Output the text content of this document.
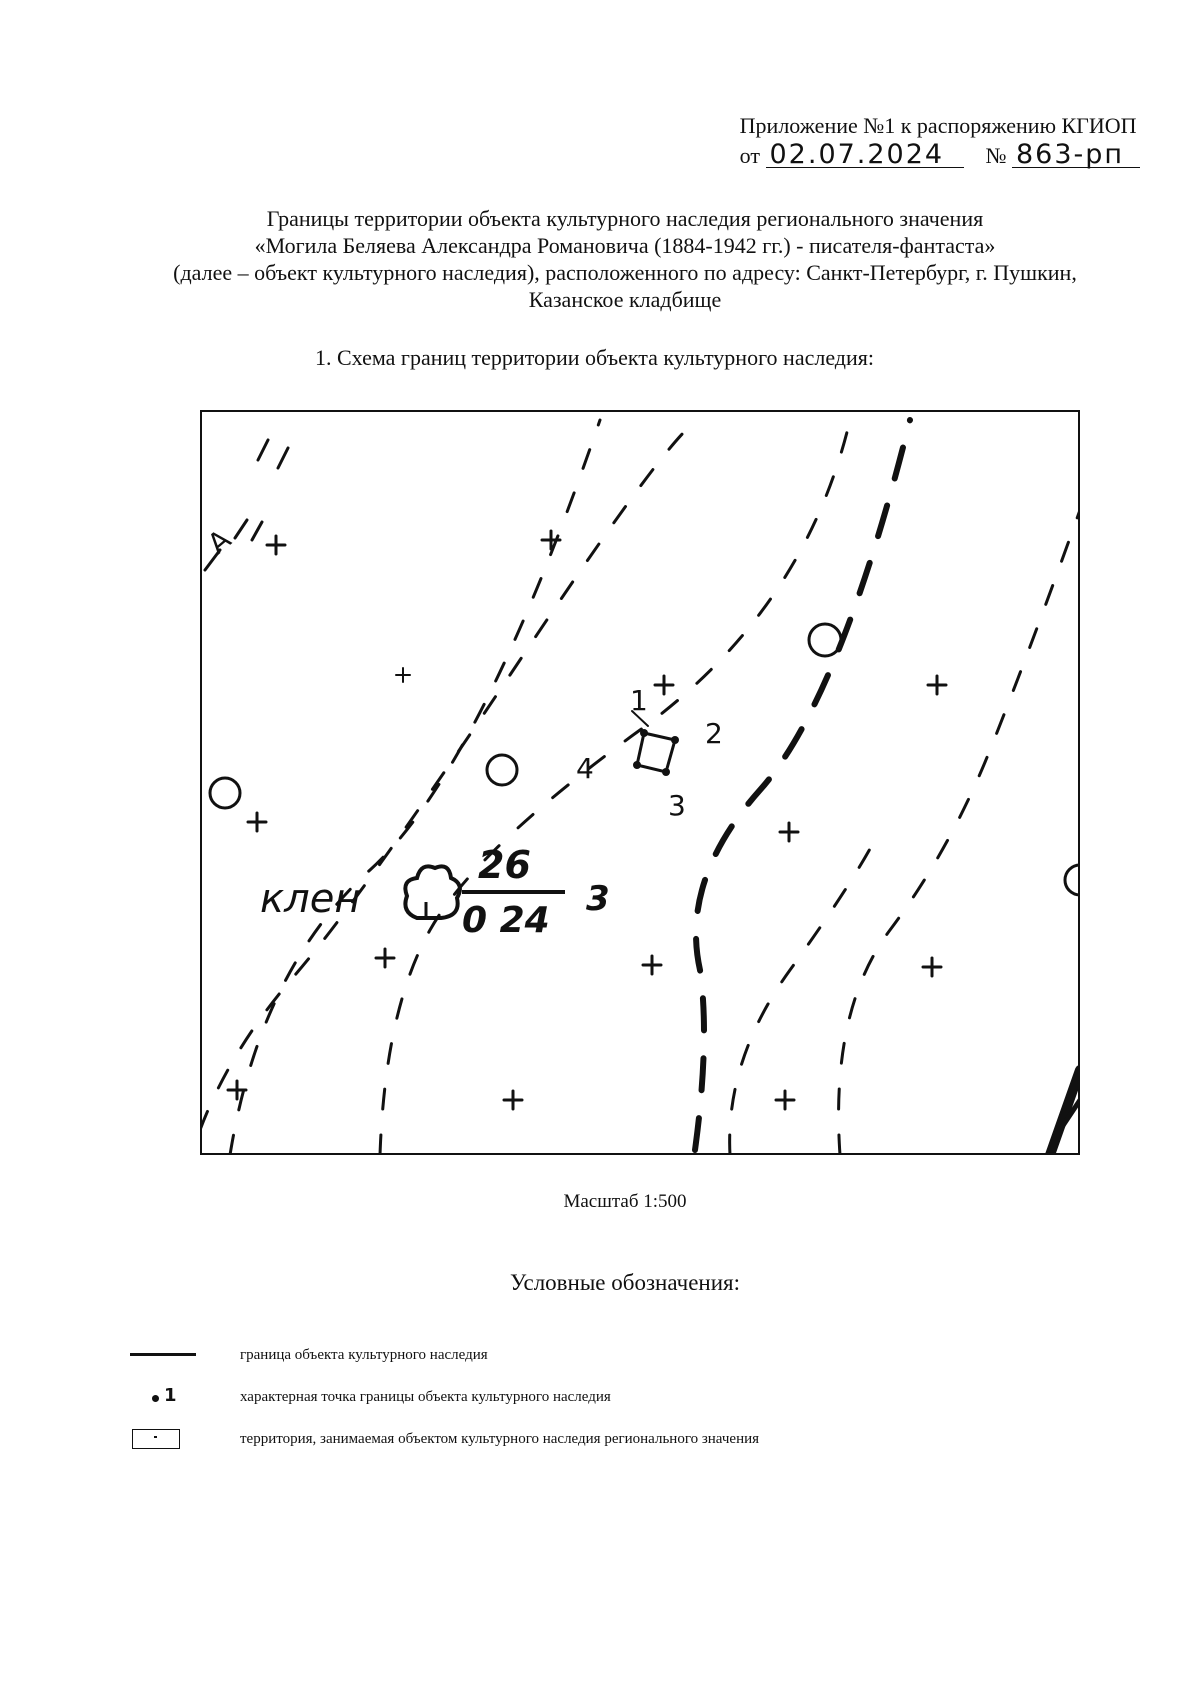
Приложение №1 к распоряжению КГИОП
от 02.07.2024 № 863-рп
Границы территории объекта культурного наследия регионального значения
«Могила Беляева Александра Романовича (1884-1942 гг.) - писателя-фантаста»
(далее – объект культурного наследия), расположенного по адресу: Санкт-Петербург, г. Пушкин,
Казанское кладбище
1. Схема границ территории объекта культурного наследия:
А
1
2
3
4
клен
26
0 24
3
Масштаб 1:500
Условные обозначения:
граница объекта культурного наследия
1	характерная точка границы объекта культурного наследия
территория, занимаемая объектом культурного наследия регионального значения
